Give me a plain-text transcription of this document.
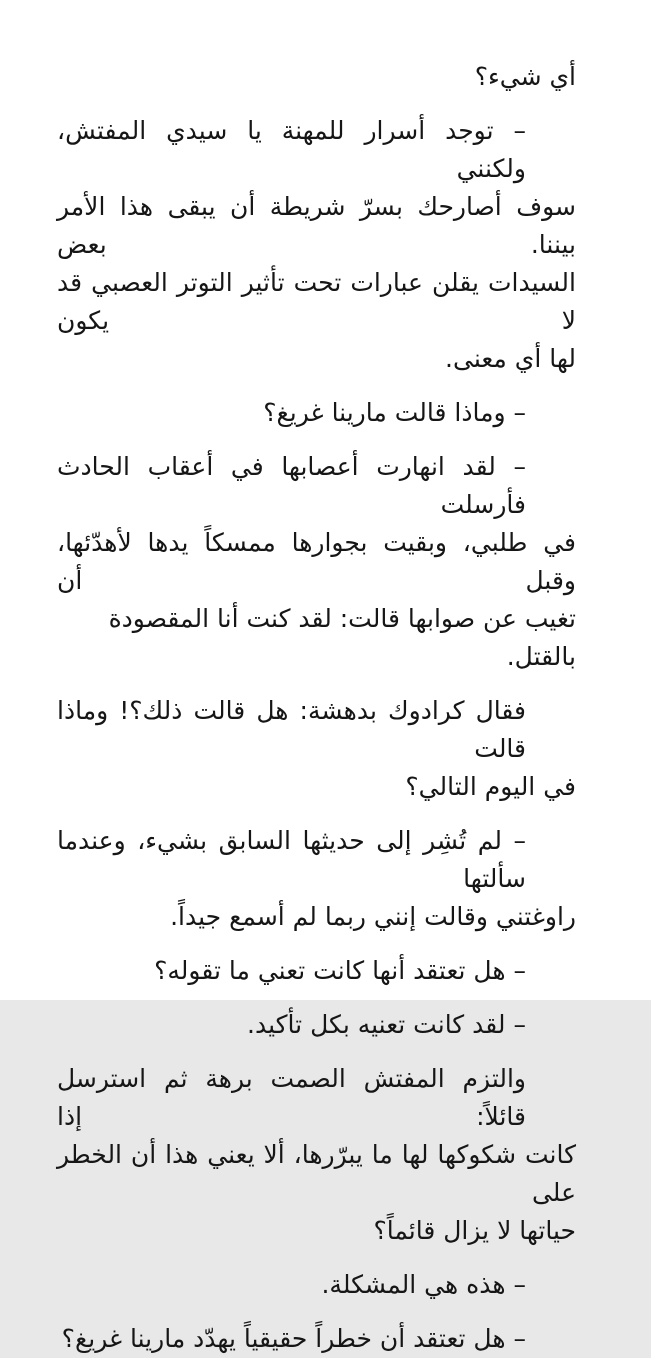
أي شيء؟
– توجد أسرار للمهنة يا سيدي المفتش، ولكنني
سوف أصارحك بسرّ شريطة أن يبقى هذا الأمر بيننا. بعض
السيدات يقلن عبارات تحت تأثير التوتر العصبي قد لا يكون
لها أي معنى.
– وماذا قالت مارينا غريغ؟
– لقد انهارت أعصابها في أعقاب الحادث فأرسلت
في طلبي، وبقيت بجوارها ممسكاً يدها لأهدّئها، وقبل أن
تغيب عن صوابها قالت: لقد كنت أنا المقصودة بالقتل.
فقال كرادوك بدهشة: هل قالت ذلك؟! وماذا قالت
في اليوم التالي؟
– لم تُشِر إلى حديثها السابق بشيء، وعندما سألتها
راوغتني وقالت إنني ربما لم أسمع جيداً.
– هل تعتقد أنها كانت تعني ما تقوله؟
– لقد كانت تعنيه بكل تأكيد.
والتزم المفتش الصمت برهة ثم استرسل قائلاً: إذا
كانت شكوكها لها ما يبرّرها، ألا يعني هذا أن الخطر على
حياتها لا يزال قائماً؟
– هذه هي المشكلة.
– هل تعتقد أن خطراً حقيقياً يهدّد مارينا غريغ؟
